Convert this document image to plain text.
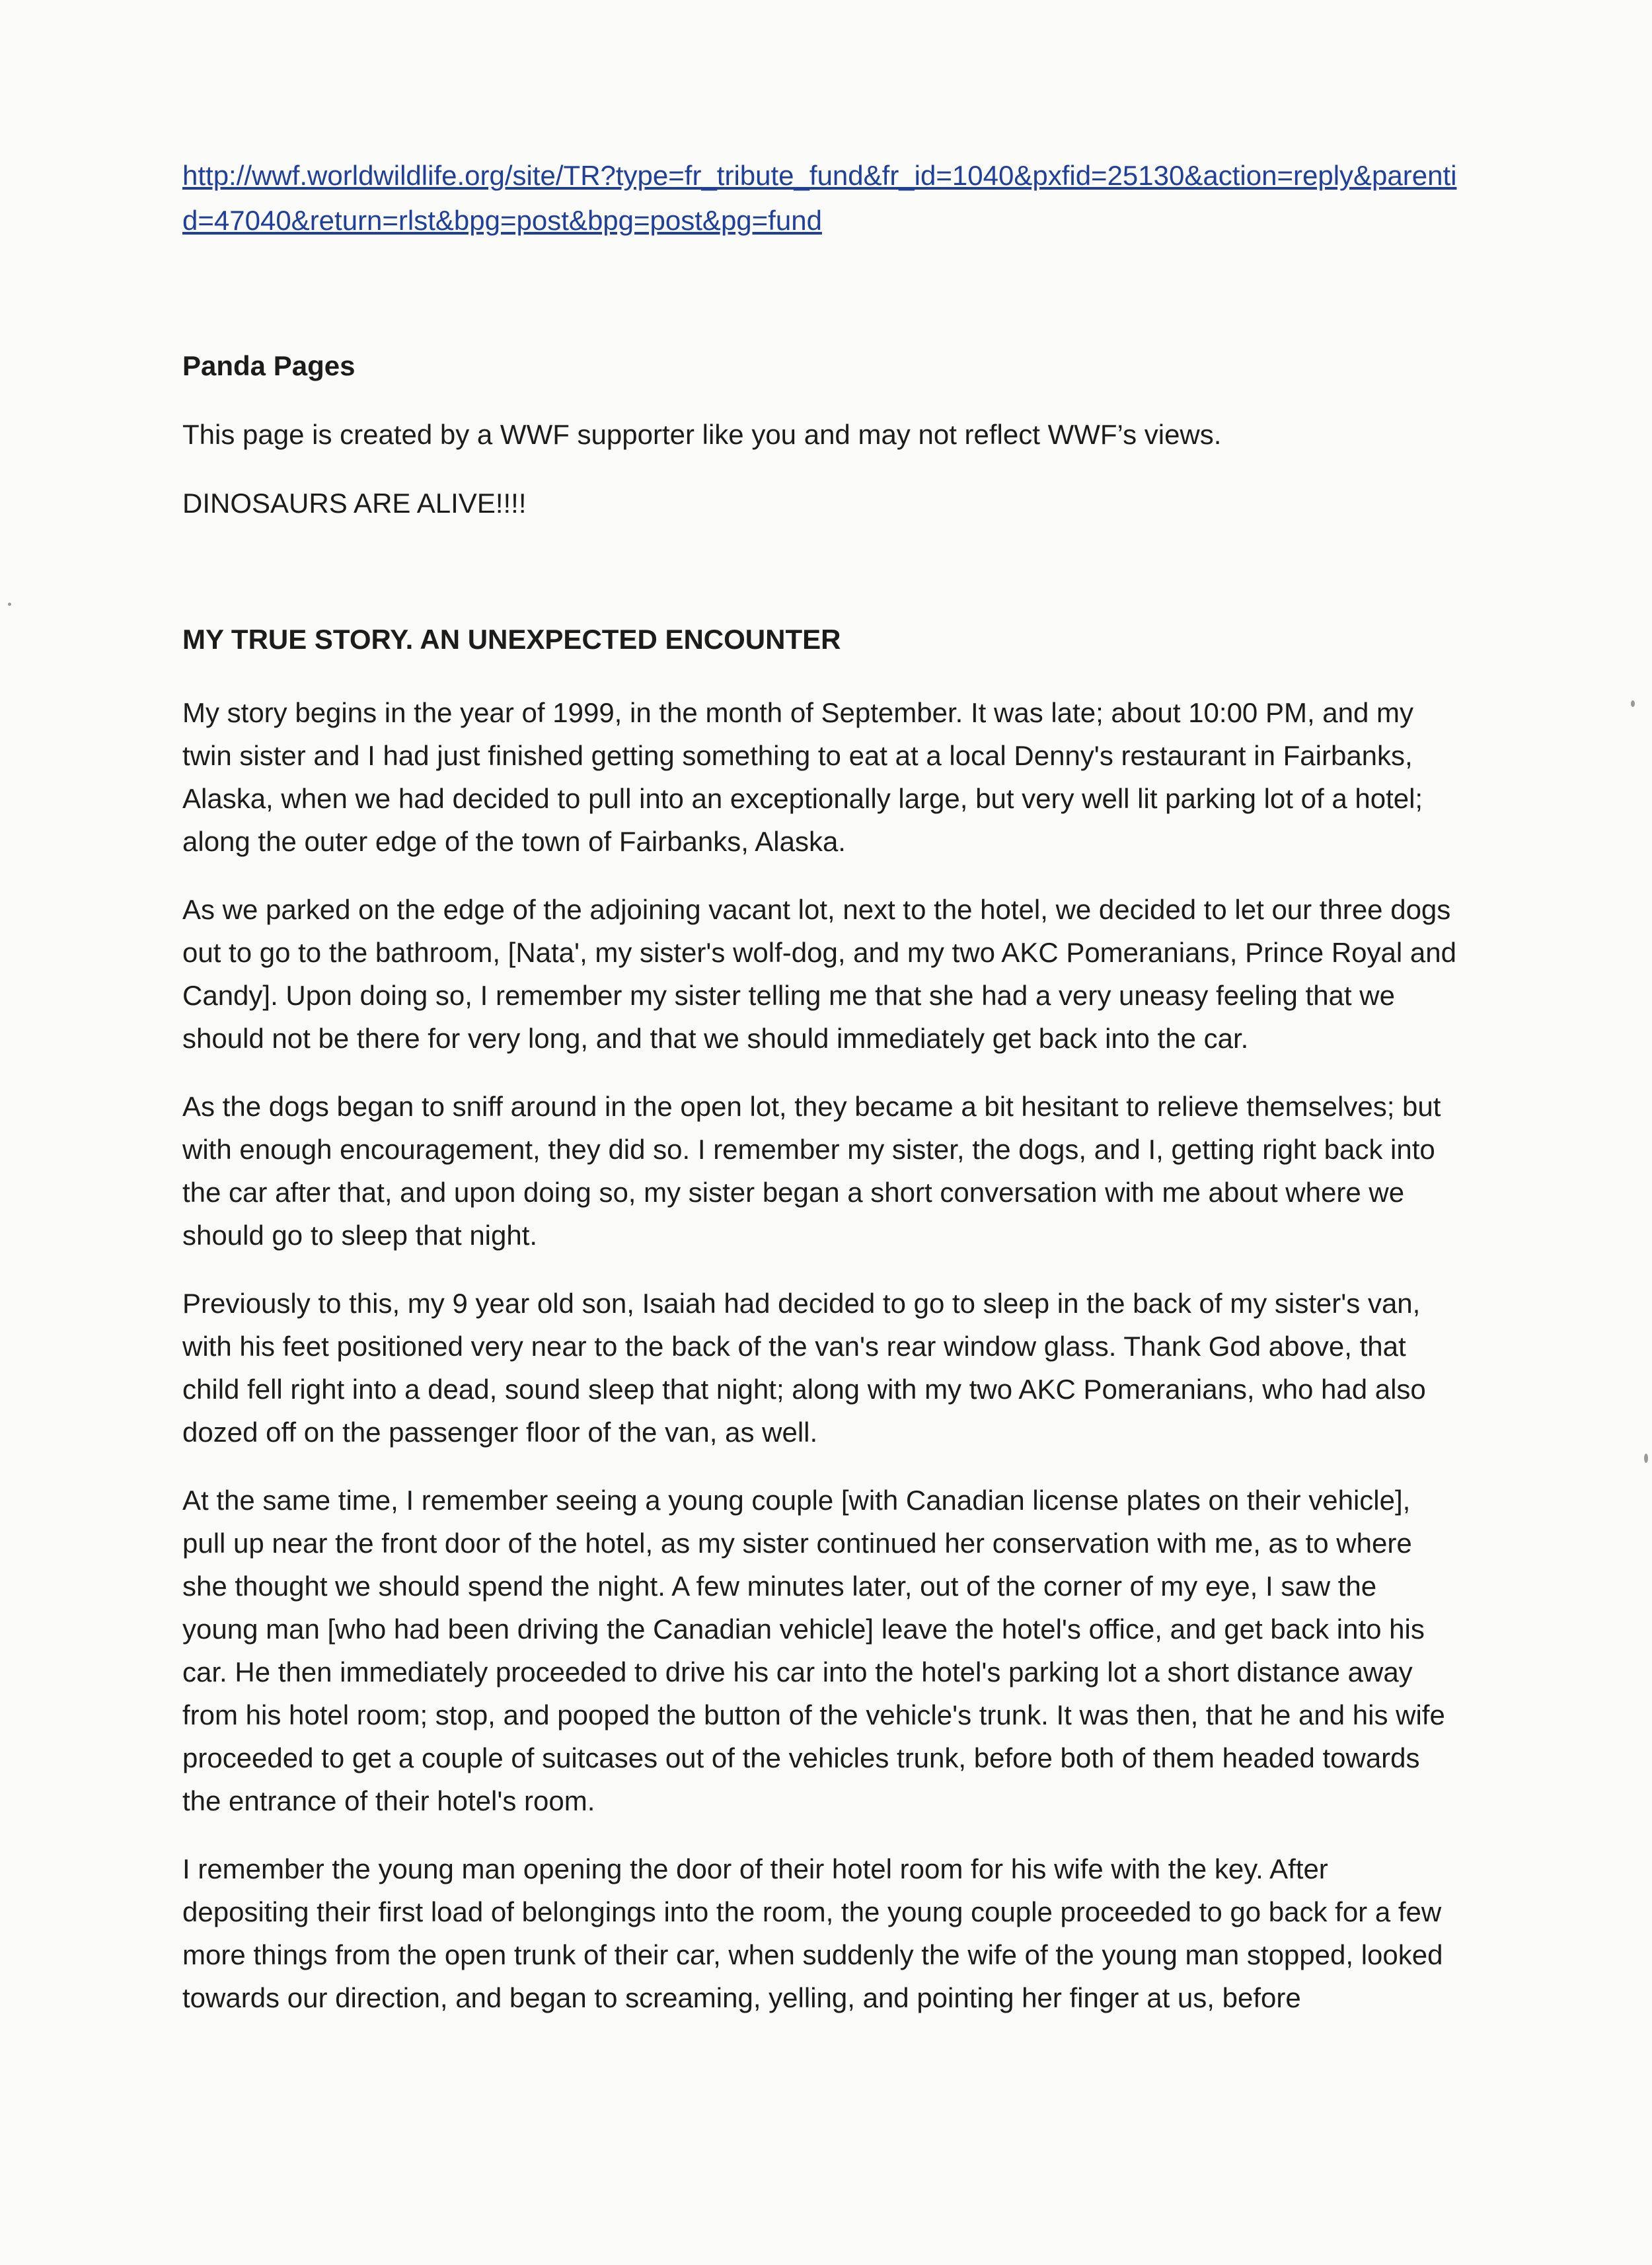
http://wwf.worldwildlife.org/site/TR?type=fr_tribute_fund&fr_id=1040&pxfid=25130&action=reply&parentid=47040&return=rlst&bpg=post&bpg=post&pg=fund
Panda Pages
This page is created by a WWF supporter like you and may not reflect WWF’s views.
DINOSAURS ARE ALIVE!!!!
MY TRUE STORY. AN UNEXPECTED ENCOUNTER

My story begins in the year of 1999, in the month of September. It was late; about 10:00 PM, and my twin sister and I had just finished getting something to eat at a local Denny's restaurant in Fairbanks, Alaska, when we had decided to pull into an exceptionally large, but very well lit parking lot of a hotel; along the outer edge of the town of Fairbanks, Alaska.

As we parked on the edge of the adjoining vacant lot, next to the hotel, we decided to let our three dogs out to go to the bathroom, [Nata', my sister's wolf-dog, and my two AKC Pomeranians, Prince Royal and Candy]. Upon doing so, I remember my sister telling me that she had a very uneasy feeling that we should not be there for very long, and that we should immediately get back into the car.

As the dogs began to sniff around in the open lot, they became a bit hesitant to relieve themselves; but with enough encouragement, they did so. I remember my sister, the dogs, and I, getting right back into the car after that, and upon doing so, my sister began a short conversation with me about where we should go to sleep that night.

Previously to this, my 9 year old son, Isaiah had decided to go to sleep in the back of my sister's van, with his feet positioned very near to the back of the van's rear window glass. Thank God above, that child fell right into a dead, sound sleep that night; along with my two AKC Pomeranians, who had also dozed off on the passenger floor of the van, as well.

At the same time, I remember seeing a young couple [with Canadian license plates on their vehicle], pull up near the front door of the hotel, as my sister continued her conservation with me, as to where she thought we should spend the night. A few minutes later, out of the corner of my eye, I saw the young man [who had been driving the Canadian vehicle] leave the hotel's office, and get back into his car. He then immediately proceeded to drive his car into the hotel's parking lot a short distance away from his hotel room; stop, and pooped the button of the vehicle's trunk. It was then, that he and his wife proceeded to get a couple of suitcases out of the vehicles trunk, before both of them headed towards the entrance of their hotel's room.

I remember the young man opening the door of their hotel room for his wife with the key. After depositing their first load of belongings into the room, the young couple proceeded to go back for a few more things from the open trunk of their car, when suddenly the wife of the young man stopped, looked towards our direction, and began to screaming, yelling, and pointing her finger at us, before
